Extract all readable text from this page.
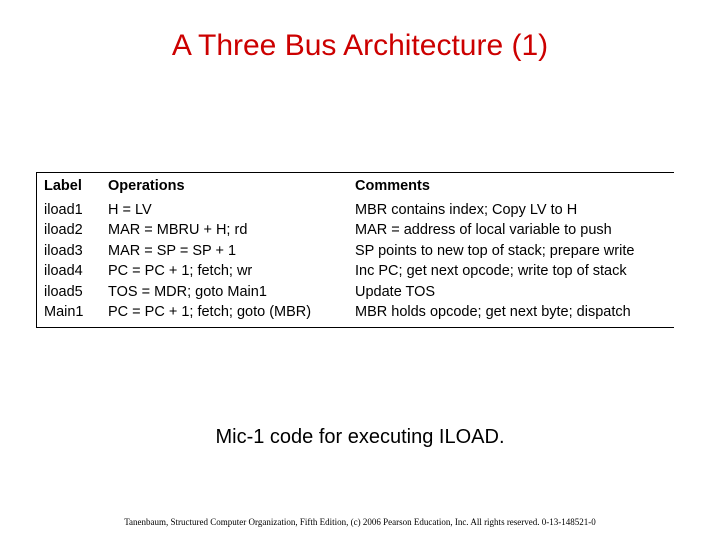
A Three Bus Architecture (1)
Label	Operations	Comments
iload1	H = LV	MBR contains index; Copy LV to H
iload2	MAR = MBRU + H; rd	MAR = address of local variable to push
iload3	MAR = SP = SP + 1	SP points to new top of stack; prepare write
iload4	PC = PC + 1; fetch; wr	Inc PC; get next opcode; write top of stack
iload5	TOS = MDR; goto Main1	Update TOS
Main1	PC = PC + 1; fetch; goto (MBR)	MBR holds opcode; get next byte; dispatch
Mic-1 code for executing ILOAD.
Tanenbaum, Structured Computer Organization, Fifth Edition, (c) 2006 Pearson Education, Inc. All rights reserved. 0-13-148521-0
